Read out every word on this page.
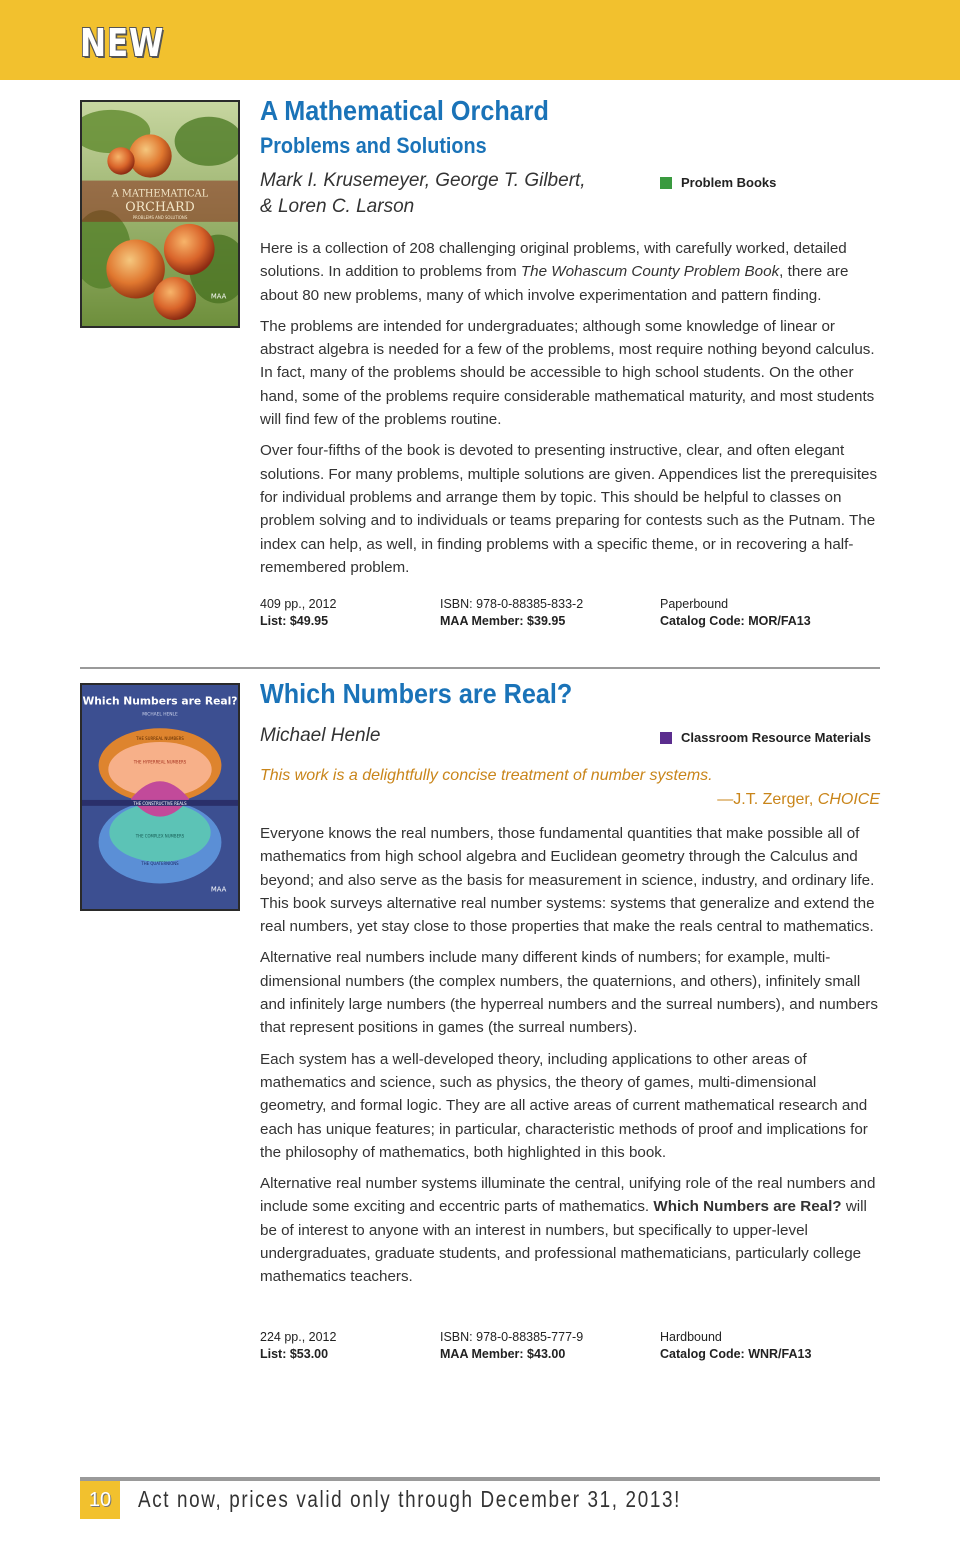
NEW
A MATHEMATICAL
ORCHARD
PROBLEMS AND SOLUTIONS
MAA
A Mathematical Orchard
Problems and Solutions
Mark I. Krusemeyer, George T. Gilbert,
& Loren C. Larson
Problem Books

Here is a collection of 208 challenging original problems, with carefully worked, detailed solutions. In addition to problems from The Wohascum County Problem Book, there are about 80 new problems, many of which involve experimentation and pattern finding.

The problems are intended for undergraduates; although some knowledge of linear or abstract algebra is needed for a few of the problems, most require nothing beyond calculus. In fact, many of the problems should be accessible to high school students. On the other hand, some of the problems require considerable mathematical maturity, and most students will find few of the problems routine.

Over four-fifths of the book is devoted to presenting instructive, clear, and often elegant solutions. For many problems, multiple solutions are given. Appendices list the prerequisites for individual problems and arrange them by topic. This should be helpful to classes on problem solving and to individuals or teams preparing for contests such as the Putnam. The index can help, as well, in finding problems with a specific theme, or in recovering a half-remembered problem.

409 pp., 2012
List: $49.95
ISBN: 978-0-88385-833-2
MAA Member: $39.95
Paperbound
Catalog Code: MOR/FA13
Which Numbers are Real?
MICHAEL HENLE
THE SURREAL NUMBERS
THE HYPERREAL NUMBERS
THE CONSTRUCTIVE REALS
THE COMPLEX NUMBERS
THE QUATERNIONS
MAA
Which Numbers are Real?
Michael Henle	Classroom Resource Materials
This work is a delightfully concise treatment of number systems.
—J.T. Zerger, CHOICE

Everyone knows the real numbers, those fundamental quantities that make possible all of mathematics from high school algebra and Euclidean geometry through the Calculus and beyond; and also serve as the basis for measurement in science, industry, and ordinary life. This book surveys alternative real number systems: systems that generalize and extend the real numbers, yet stay close to those properties that make the reals central to mathematics.

Alternative real numbers include many different kinds of numbers; for example, multi-dimensional numbers (the complex numbers, the quaternions, and others), infinitely small and infinitely large numbers (the hyperreal numbers and the surreal numbers), and numbers that represent positions in games (the surreal numbers).

Each system has a well-developed theory, including applications to other areas of mathematics and science, such as physics, the theory of games, multi-dimensional geometry, and formal logic. They are all active areas of current mathematical research and each has unique features; in particular, characteristic methods of proof and implications for the philosophy of mathematics, both highlighted in this book.

Alternative real number systems illuminate the central, unifying role of the real numbers and include some exciting and eccentric parts of mathematics. Which Numbers are Real? will be of interest to anyone with an interest in numbers, but specifically to upper-level undergraduates, graduate students, and professional mathematicians, particularly college mathematics teachers.

224 pp., 2012
List: $53.00
ISBN: 978-0-88385-777-9
MAA Member: $43.00
Hardbound
Catalog Code: WNR/FA13
10	Act now, prices valid only through December 31, 2013!
